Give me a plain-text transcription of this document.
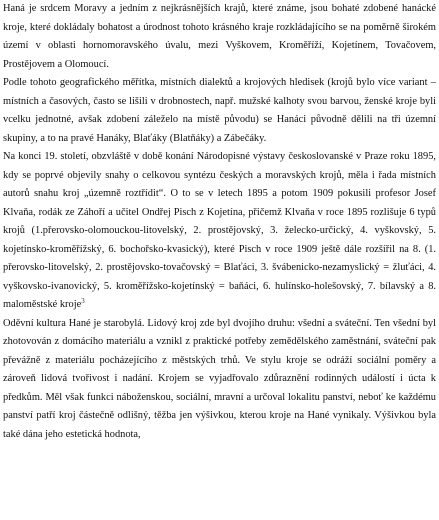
Haná je srdcem Moravy a jedním z nejkrásnějších krajů, které známe, jsou bohaté zdobené hanácké kroje, které dokládaly bohatost a úrodnost tohoto krásného kraje rozkládajícího se na poměrně širokém území v oblasti hornomoravského úvalu, mezi Vyškovem, Kroměříží, Kojetínem, Tovačovem, Prostějovem a Olomoucí.

Podle tohoto geografického měřítka, místních dialektů a krojových hledisek (krojů bylo více variant – místních a časových, často se lišili v drobnostech, např. mužské kalhoty svou barvou, ženské kroje byli vcelku jednotné, avšak zdobení záleželo na místě původu) se Hanáci původně dělili na tři územní skupiny, a to na pravé Hanáky, Blaťáky (Blatňáky) a Zábečáky.

Na konci 19. století, obzvláště v době konání Národopisné výstavy českoslovanské v Praze roku 1895, kdy se poprvé objevily snahy o celkovou syntézu českých a moravských krojů, měla i řada místních autorů snahu kroj „územně roztřídit“. O to se v letech 1895 a potom 1909 pokusili profesor Josef Klvaňa, rodák ze Záhoří a učitel Ondřej Pisch z Kojetína, přičemž Klvaňa v roce 1895 rozlišuje 6 typů krojů (1.přerovsko-olomouckou-litovelský, 2. prostějovský, 3. želecko-určický, 4. vyškovský, 5. kojetínsko-kroměřížský, 6. bochořsko-kvasický), které Pisch v roce 1909 ještě dále rozšířil na 8. (1. přerovsko-litovelský, 2. prostějovsko-tovačovský = Blaťáci, 3. švábenicko-nezamyslický = žluťáci, 4. vyškovsko-ivanovický, 5. kroměřížsko-kojetínský = baňáci, 6. hulínsko-holešovský, 7. bílavský a 8. maloměstské kroje3

Oděvní kultura Hané je starobylá. Lidový kroj zde byl dvojího druhu: všední a sváteční. Ten všední byl zhotovován z domácího materiálu a vznikl z praktické potřeby zemědělského zaměstnání, sváteční pak převážně z materiálu pocházejícího z městských trhů. Ve stylu kroje se odráží sociální poměry a zároveň lidová tvořivost i nadání. Krojem se vyjadřovalo zdůraznění rodinných událostí i úcta k předkům. Měl však funkci náboženskou, sociální, mravní a určoval lokalitu panství, neboť ke každému panství patří kroj částečně odlišný, těžba jen výšivkou, kterou kroje na Hané vynikaly. Výšivkou byla také dána jeho estetická hodnota,
